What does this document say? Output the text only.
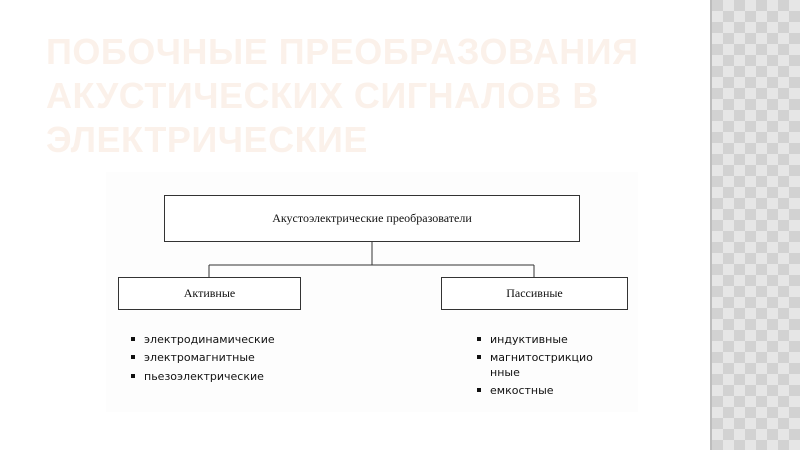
ПОБОЧНЫЕ ПРЕОБРАЗОВАНИЯ АКУСТИЧЕСКИХ СИГНАЛОВ В ЭЛЕКТРИЧЕСКИЕ
Акустоэлектрические преобразователи
Активные	Пассивные
электродинамические
электромагнитные
пьезоэлектрические
индуктивные
магнитострикцио нные
емкостные
